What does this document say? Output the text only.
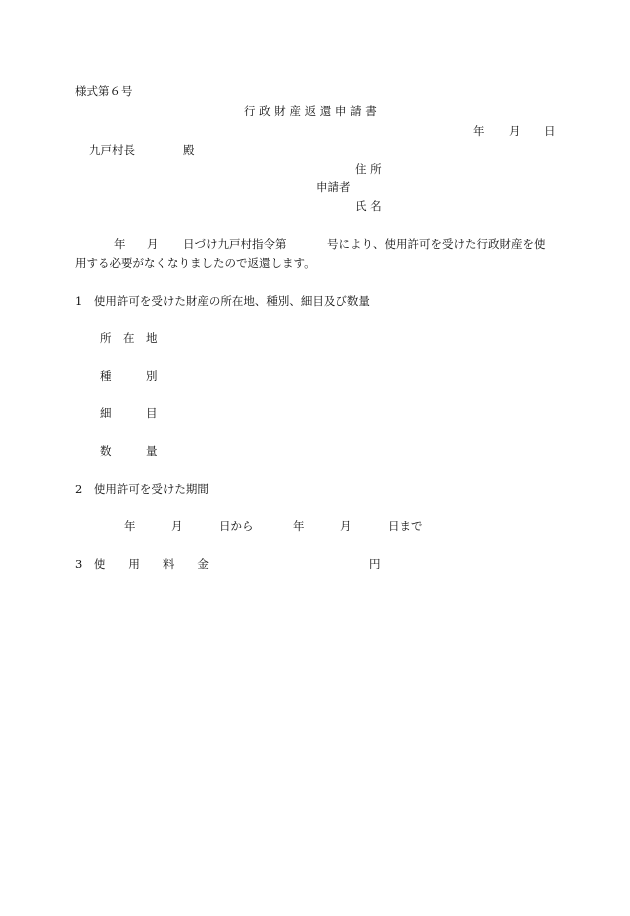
様式第６号
行 政 財 産 返 還 申 請 書
年 月 日
九戸村長	殿
住 所
申請者
氏 名
年 月 日づけ九戸村指令第	号により、使用許可を受けた行政財産を使
用する必要がなくなりましたので返還します。
1　使用許可を受けた財産の所在地、種別、細目及び数量
所　在　地
種　　　別
細　　　目
数　　　量
2　使用許可を受けた期間
年	月	日から	年	月	日まで
3　使　　用　　料　　金	円
